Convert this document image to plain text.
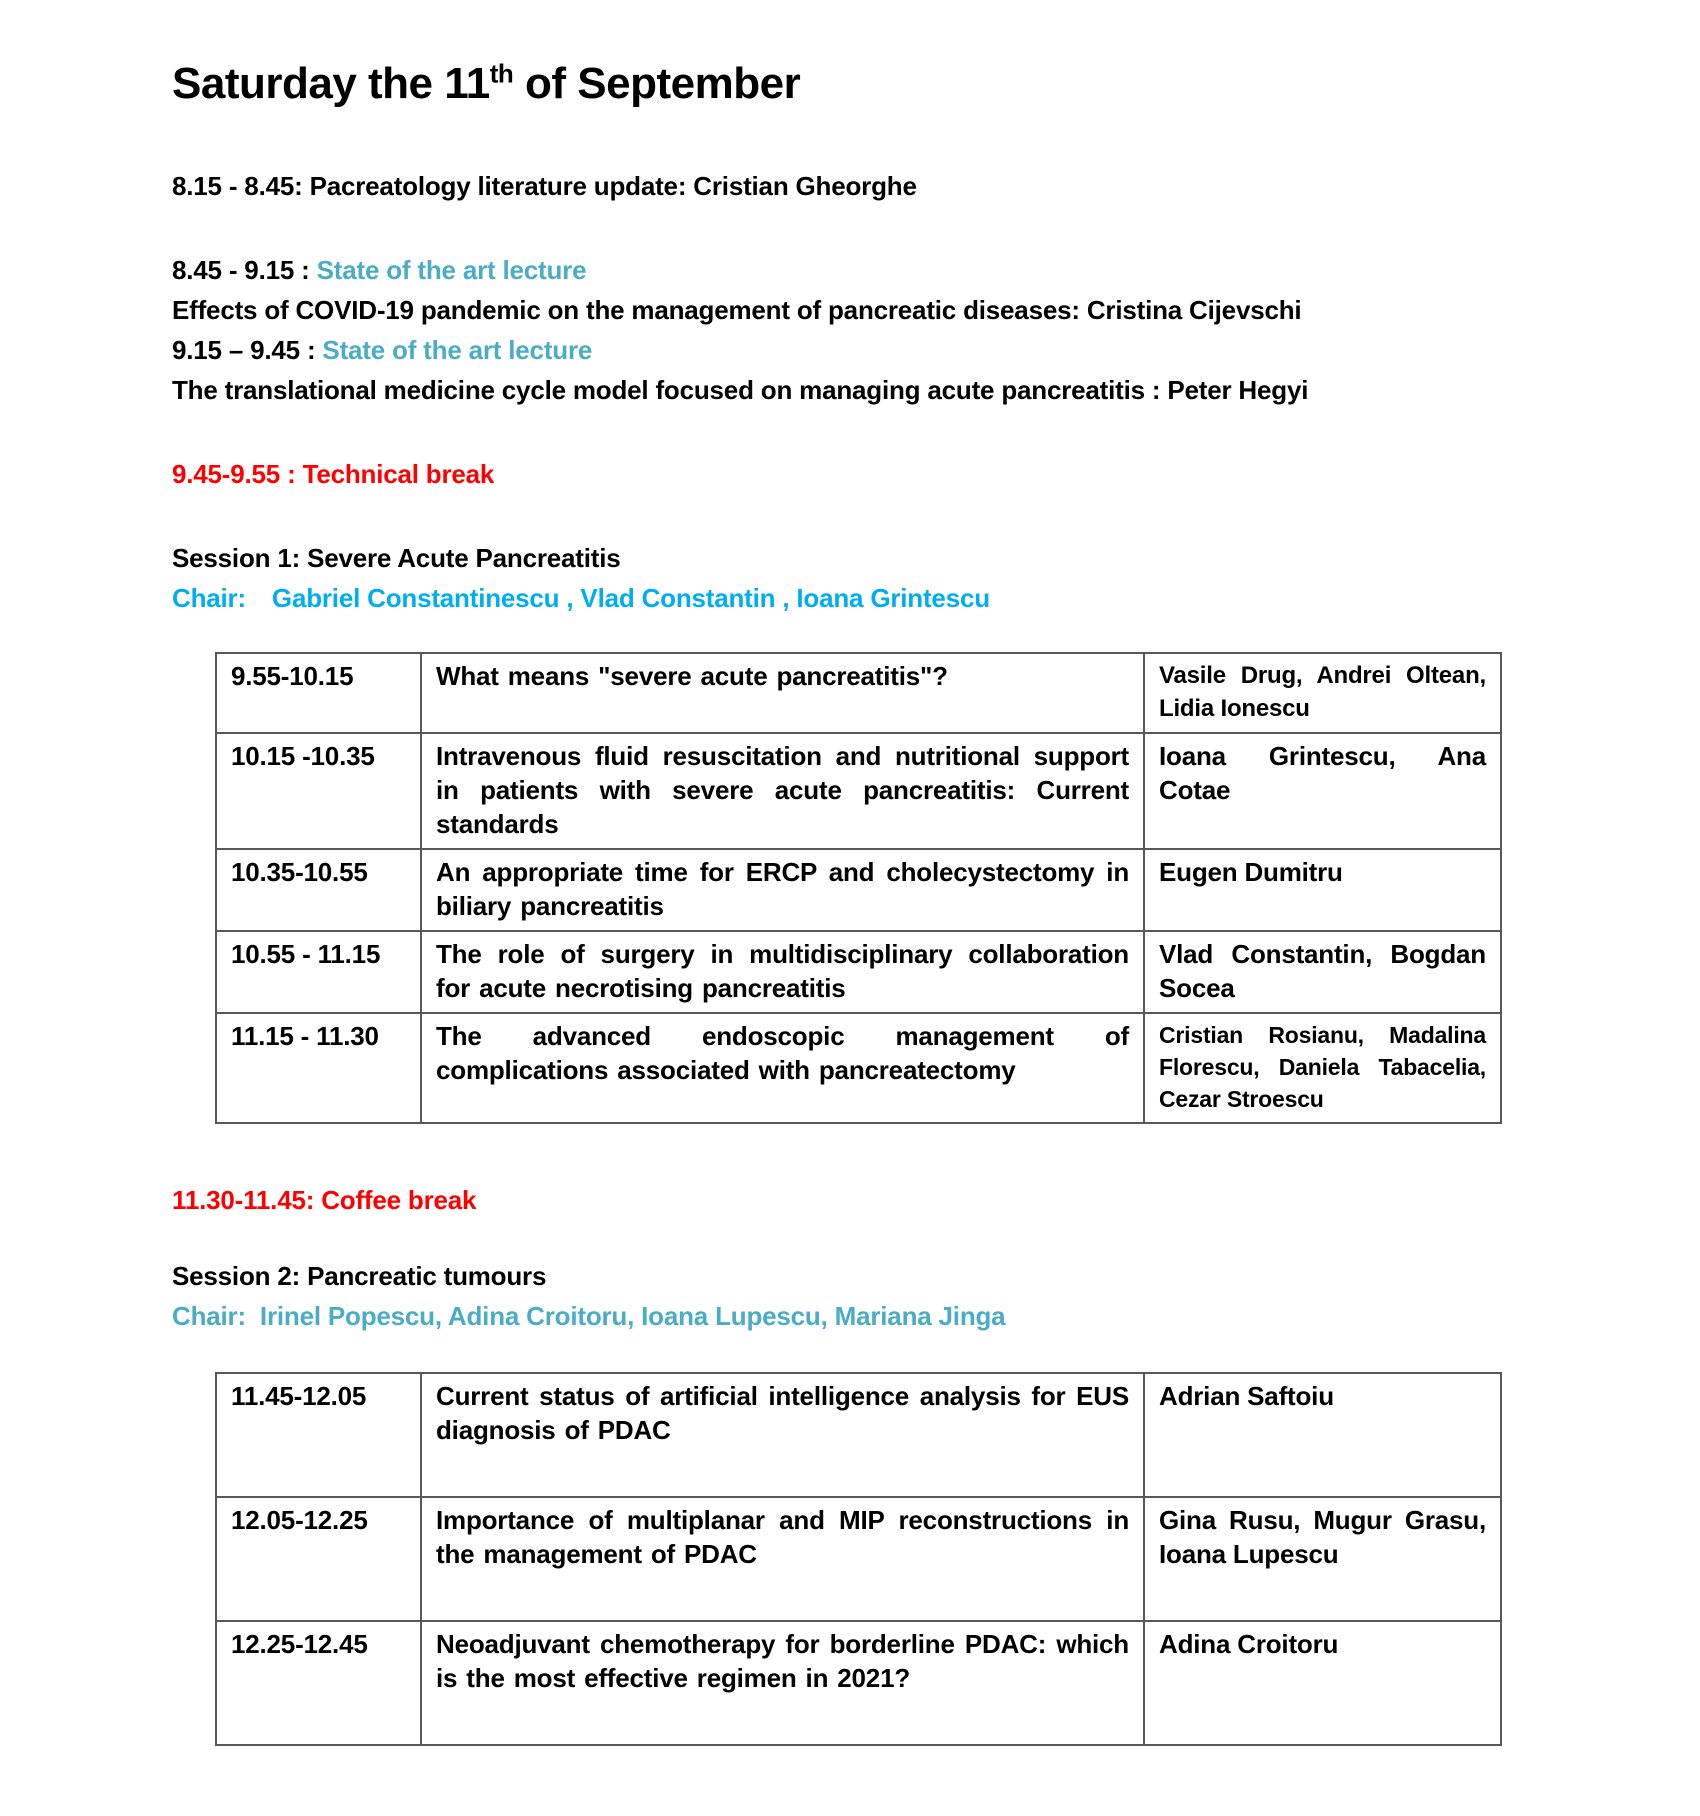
Saturday the 11th of September

8.15 - 8.45: Pacreatology literature update: Cristian Gheorghe

8.45 - 9.15 : State of the art lecture

Effects of COVID-19 pandemic on the management of pancreatic diseases: Cristina Cijevschi

9.15 – 9.45 : State of the art lecture

The translational medicine cycle model focused on managing acute pancreatitis : Peter Hegyi

9.45-9.55 : Technical break

Session 1: Severe Acute Pancreatitis

Chair: Gabriel Constantinescu , Vlad Constantin , Ioana Grintescu

9.55-10.15	What means "severe acute pancreatitis"?	Vasile Drug, Andrei Oltean, Lidia Ionescu
10.15 -10.35	Intravenous fluid resuscitation and nutritional support in patients with severe acute pancreatitis: Current standards	Ioana Grintescu, Ana Cotae
10.35-10.55	An appropriate time for ERCP and cholecystectomy in biliary pancreatitis	Eugen Dumitru
10.55 - 11.15	The role of surgery in multidisciplinary collaboration for acute necrotising pancreatitis	Vlad Constantin, Bogdan Socea
11.15 - 11.30	The advanced endoscopic management of complications associated with pancreatectomy	Cristian Rosianu, Madalina Florescu, Daniela Tabacelia, Cezar Stroescu

11.30-11.45: Coffee break

Session 2: Pancreatic tumours

Chair: Irinel Popescu, Adina Croitoru, Ioana Lupescu, Mariana Jinga

11.45-12.05	Current status of artificial intelligence analysis for EUS diagnosis of PDAC	Adrian Saftoiu
12.05-12.25	Importance of multiplanar and MIP reconstructions in the management of PDAC	Gina Rusu, Mugur Grasu, Ioana Lupescu
12.25-12.45	Neoadjuvant chemotherapy for borderline PDAC: which is the most effective regimen in 2021?	Adina Croitoru
